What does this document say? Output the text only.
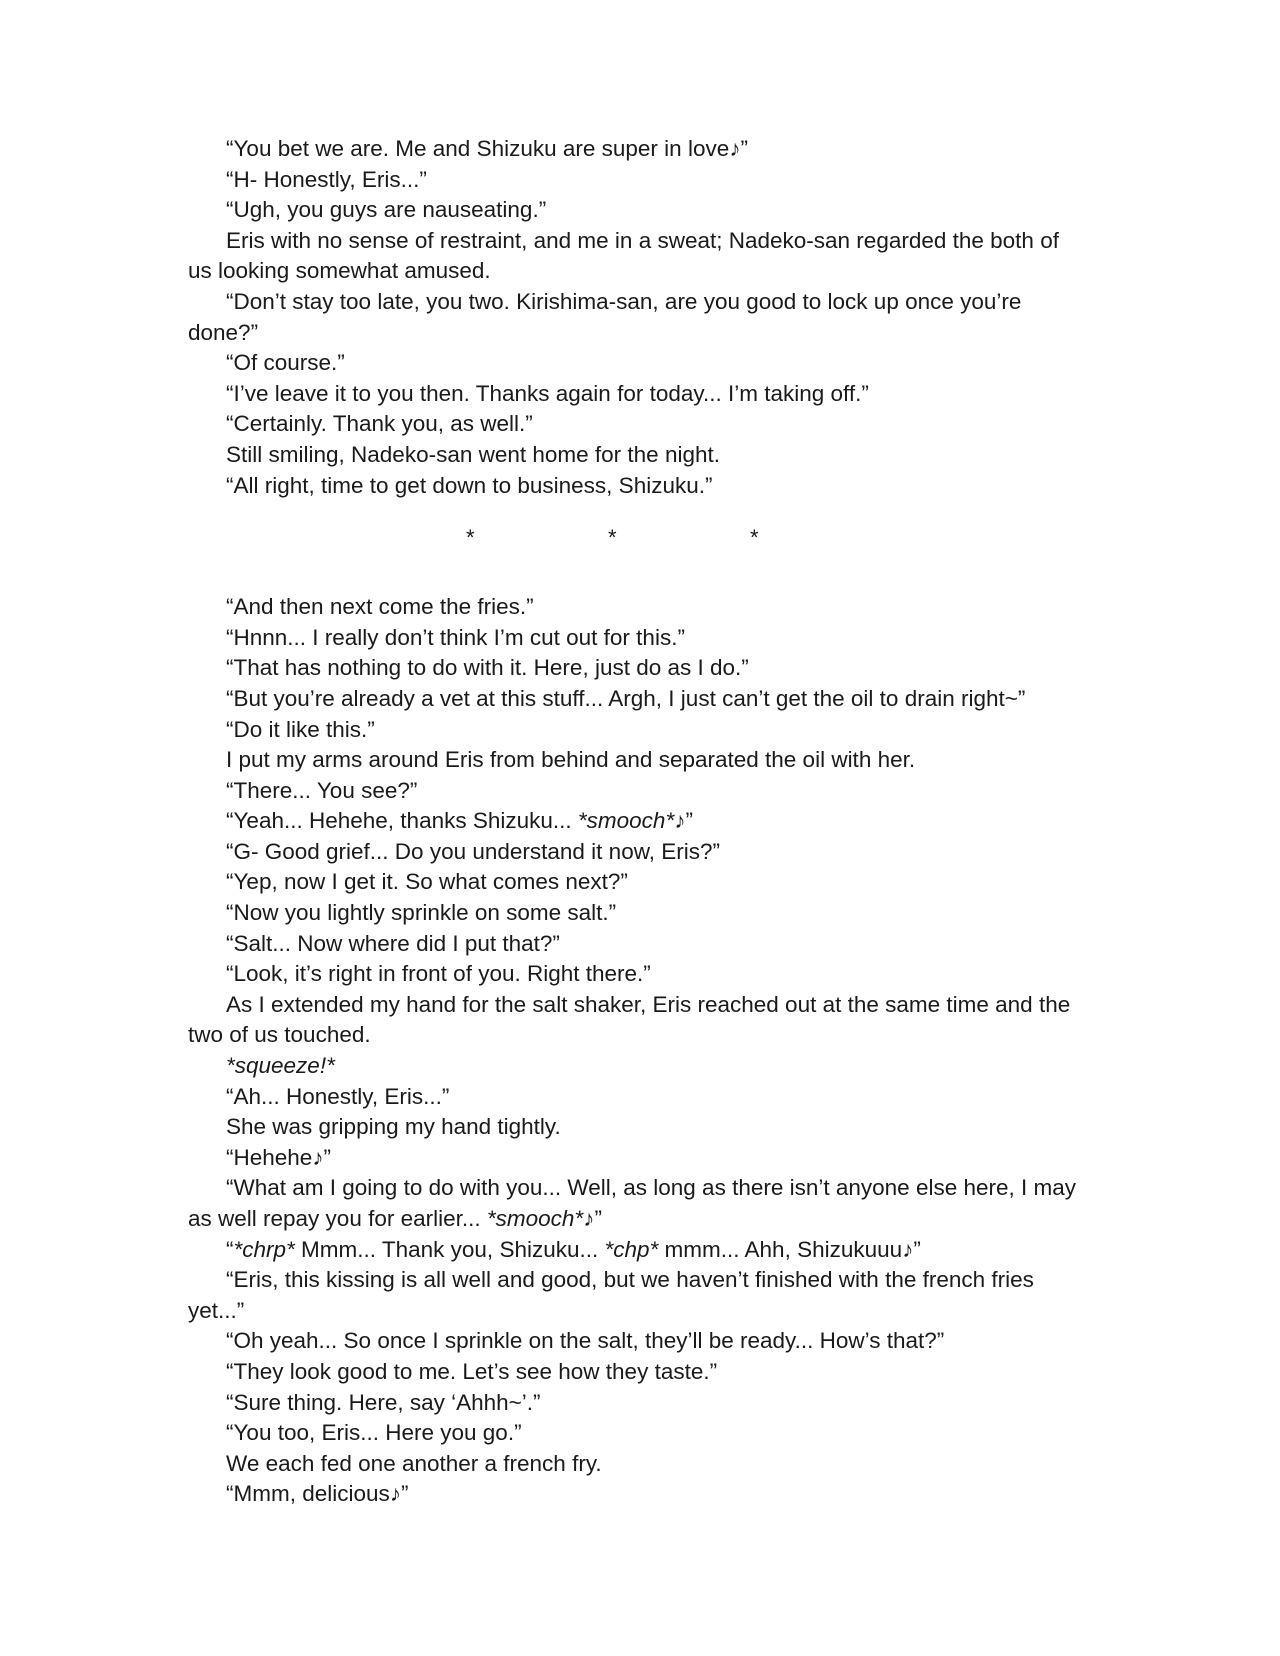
“You bet we are. Me and Shizuku are super in love♪”

“H- Honestly, Eris...”

“Ugh, you guys are nauseating.”

Eris with no sense of restraint, and me in a sweat; Nadeko-san regarded the both of us looking somewhat amused.

“Don’t stay too late, you two. Kirishima-san, are you good to lock up once you’re done?”

“Of course.”

“I’ve leave it to you then. Thanks again for today... I’m taking off.”

“Certainly. Thank you, as well.”

Still smiling, Nadeko-san went home for the night.

“All right, time to get down to business, Shizuku.”

*	*	*

“And then next come the fries.”

“Hnnn... I really don’t think I’m cut out for this.”

“That has nothing to do with it. Here, just do as I do.”

“But you’re already a vet at this stuff... Argh, I just can’t get the oil to drain right~”

“Do it like this.”

I put my arms around Eris from behind and separated the oil with her.

“There... You see?”

“Yeah... Hehehe, thanks Shizuku... *smooch*♪”

“G- Good grief... Do you understand it now, Eris?”

“Yep, now I get it. So what comes next?”

“Now you lightly sprinkle on some salt.”

“Salt... Now where did I put that?”

“Look, it’s right in front of you. Right there.”

As I extended my hand for the salt shaker, Eris reached out at the same time and the two of us touched.

*squeeze!*

“Ah... Honestly, Eris...”

She was gripping my hand tightly.

“Hehehe♪”

“What am I going to do with you... Well, as long as there isn’t anyone else here, I may as well repay you for earlier... *smooch*♪”

“*chrp* Mmm... Thank you, Shizuku... *chp* mmm... Ahh, Shizukuuu♪”

“Eris, this kissing is all well and good, but we haven’t finished with the french fries yet...”

“Oh yeah... So once I sprinkle on the salt, they’ll be ready... How’s that?”

“They look good to me. Let’s see how they taste.”

“Sure thing. Here, say ‘Ahhh~’.”

“You too, Eris... Here you go.”

We each fed one another a french fry.

“Mmm, delicious♪”
